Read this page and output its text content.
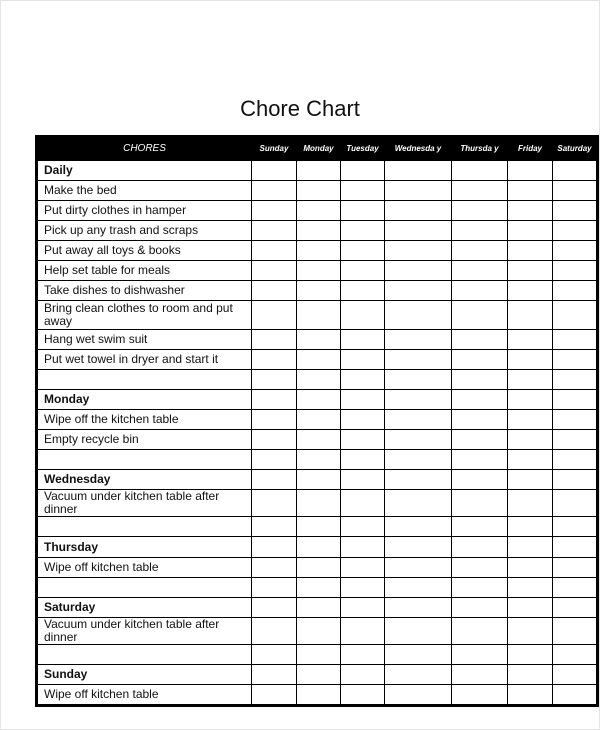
Chore Chart
CHORES	Sunday	Monday	Tuesday	Wednesda y	Thursda y	Friday	Saturday
Daily							
Make the bed							
Put dirty clothes in hamper							
Pick up any trash and scraps							
Put away all toys & books							
Help set table for meals							
Take dishes to dishwasher							
Bring clean clothes to room and put away							
Hang wet swim suit							
Put wet towel in dryer and start it							

Monday							
Wipe off the kitchen table							
Empty recycle bin							

Wednesday							
Vacuum under kitchen table after dinner							

Thursday							
Wipe off kitchen table							

Saturday							
Vacuum under kitchen table after dinner							

Sunday							
Wipe off kitchen table							
